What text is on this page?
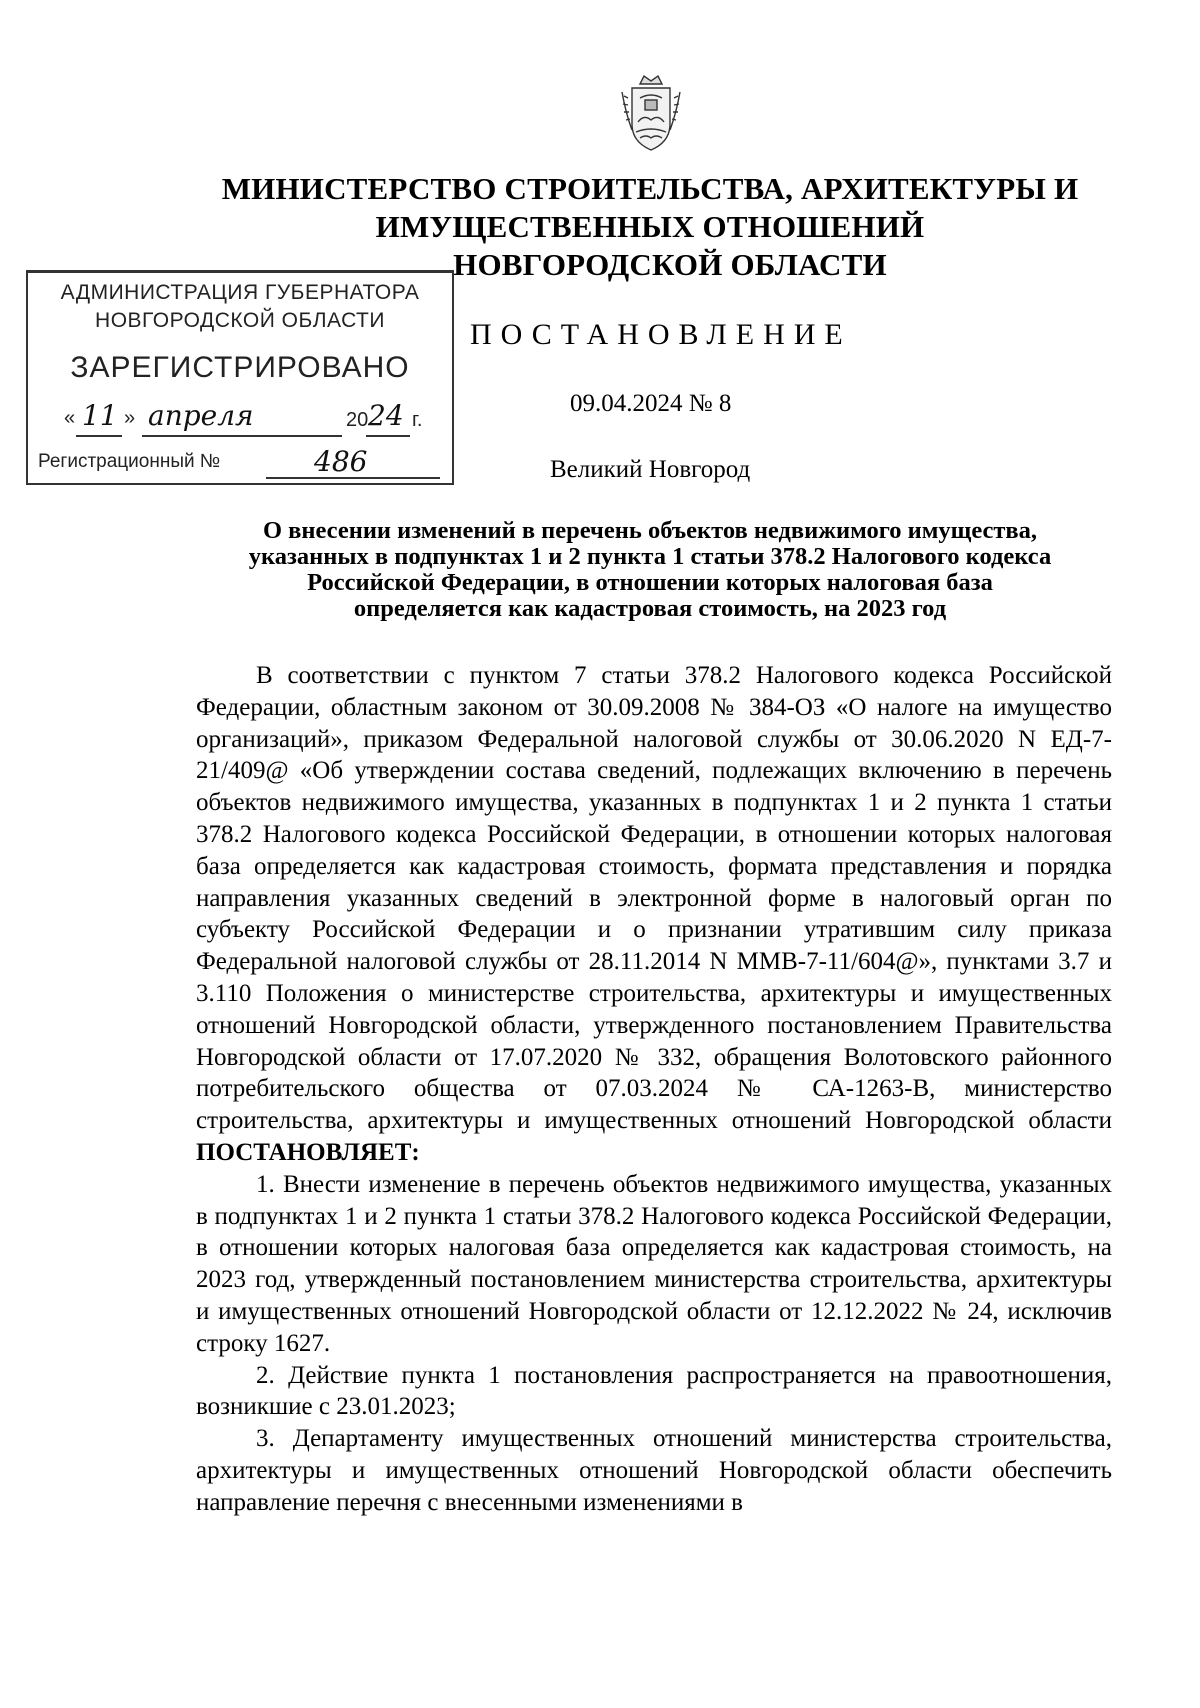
МИНИСТЕРСТВО СТРОИТЕЛЬСТВА, АРХИТЕКТУРЫ И
ИМУЩЕСТВЕННЫХ ОТНОШЕНИЙ
НОВГОРОДСКОЙ ОБЛАСТИ
АДМИНИСТРАЦИЯ ГУБЕРНАТОРА
НОВГОРОДСКОЙ ОБЛАСТИ
ЗАРЕГИСТРИРОВАНО
« 11 » апреля	20 24 г.
Регистрационный №	486
ПОСТАНОВЛЕНИЕ
09.04.2024 № 8
Великий Новгород
О внесении изменений в перечень объектов недвижимого имущества,
указанных в подпунктах 1 и 2 пункта 1 статьи 378.2 Налогового кодекса
Российской Федерации, в отношении которых налоговая база
определяется как кадастровая стоимость, на 2023 год

В соответствии с пунктом 7 статьи 378.2 Налогового кодекса Российской Федерации, областным законом от 30.09.2008 № 384-ОЗ «О налоге на имущество организаций», приказом Федеральной налоговой службы от 30.06.2020 N ЕД-7-21/409@ «Об утверждении состава сведений, подлежащих включению в перечень объектов недвижимого имущества, указанных в подпунктах 1 и 2 пункта 1 статьи 378.2 Налогового кодекса Российской Федерации, в отношении которых налоговая база определяется как кадастровая стоимость, формата представления и порядка направления указанных сведений в электронной форме в налоговый орган по субъекту Российской Федерации и о признании утратившим силу приказа Федеральной налоговой службы от 28.11.2014 N ММВ-7-11/604@», пунктами 3.7 и 3.110 Положения о министерстве строительства, архитектуры и имущественных отношений Новгородской области, утвержденного постановлением Правительства Новгородской области от 17.07.2020 № 332, обращения Волотовского районного потребительского общества от 07.03.2024 № СА-1263-В, министерство строительства, архитектуры и имущественных отношений Новгородской области ПОСТАНОВЛЯЕТ:

1. Внести изменение в перечень объектов недвижимого имущества, указанных в подпунктах 1 и 2 пункта 1 статьи 378.2 Налогового кодекса Российской Федерации, в отношении которых налоговая база определяется как кадастровая стоимость, на 2023 год, утвержденный постановлением министерства строительства, архитектуры и имущественных отношений Новгородской области от 12.12.2022 № 24, исключив строку 1627.

2. Действие пункта 1 постановления распространяется на правоотношения, возникшие с 23.01.2023;

3. Департаменту имущественных отношений министерства строительства, архитектуры и имущественных отношений Новгородской области обеспечить направление перечня с внесенными изменениями в
